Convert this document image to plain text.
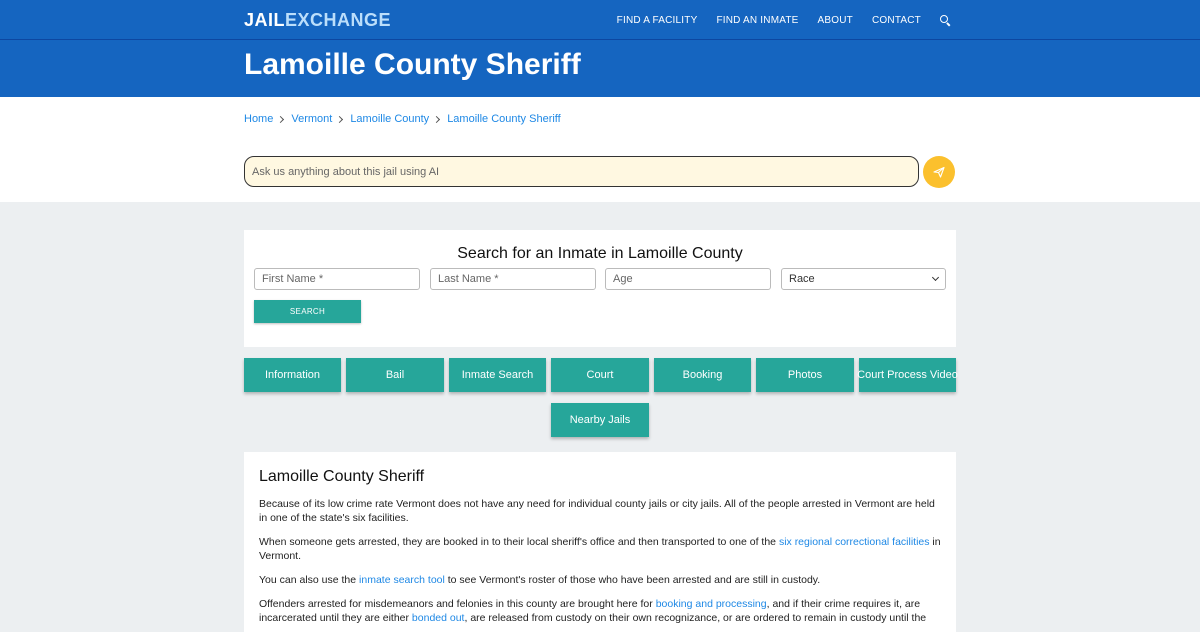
JAILEXCHANGE	FIND A FACILITY FIND AN INMATE ABOUT CONTACT
Lamoille County Sheriff
Home Vermont Lamoille County Lamoille County Sheriff
Ask us anything about this jail using AI
Search for an Inmate in Lamoille County
First Name *
Last Name *
Age
Race
SEARCH
Information	Bail	Inmate Search	Court	Booking	Photos	Court Process Video
Nearby Jails
Lamoille County Sheriff

Because of its low crime rate Vermont does not have any need for individual county jails or city jails. All of the people arrested in Vermont are held in one of the state's six facilities.

When someone gets arrested, they are booked in to their local sheriff's office and then transported to one of the six regional correctional facilities in Vermont.

You can also use the inmate search tool to see Vermont's roster of those who have been arrested and are still in custody.

Offenders arrested for misdemeanors and felonies in this county are brought here for booking and processing, and if their crime requires it, are incarcerated until they are either bonded out, are released from custody on their own recognizance, or are ordered to remain in custody until the
